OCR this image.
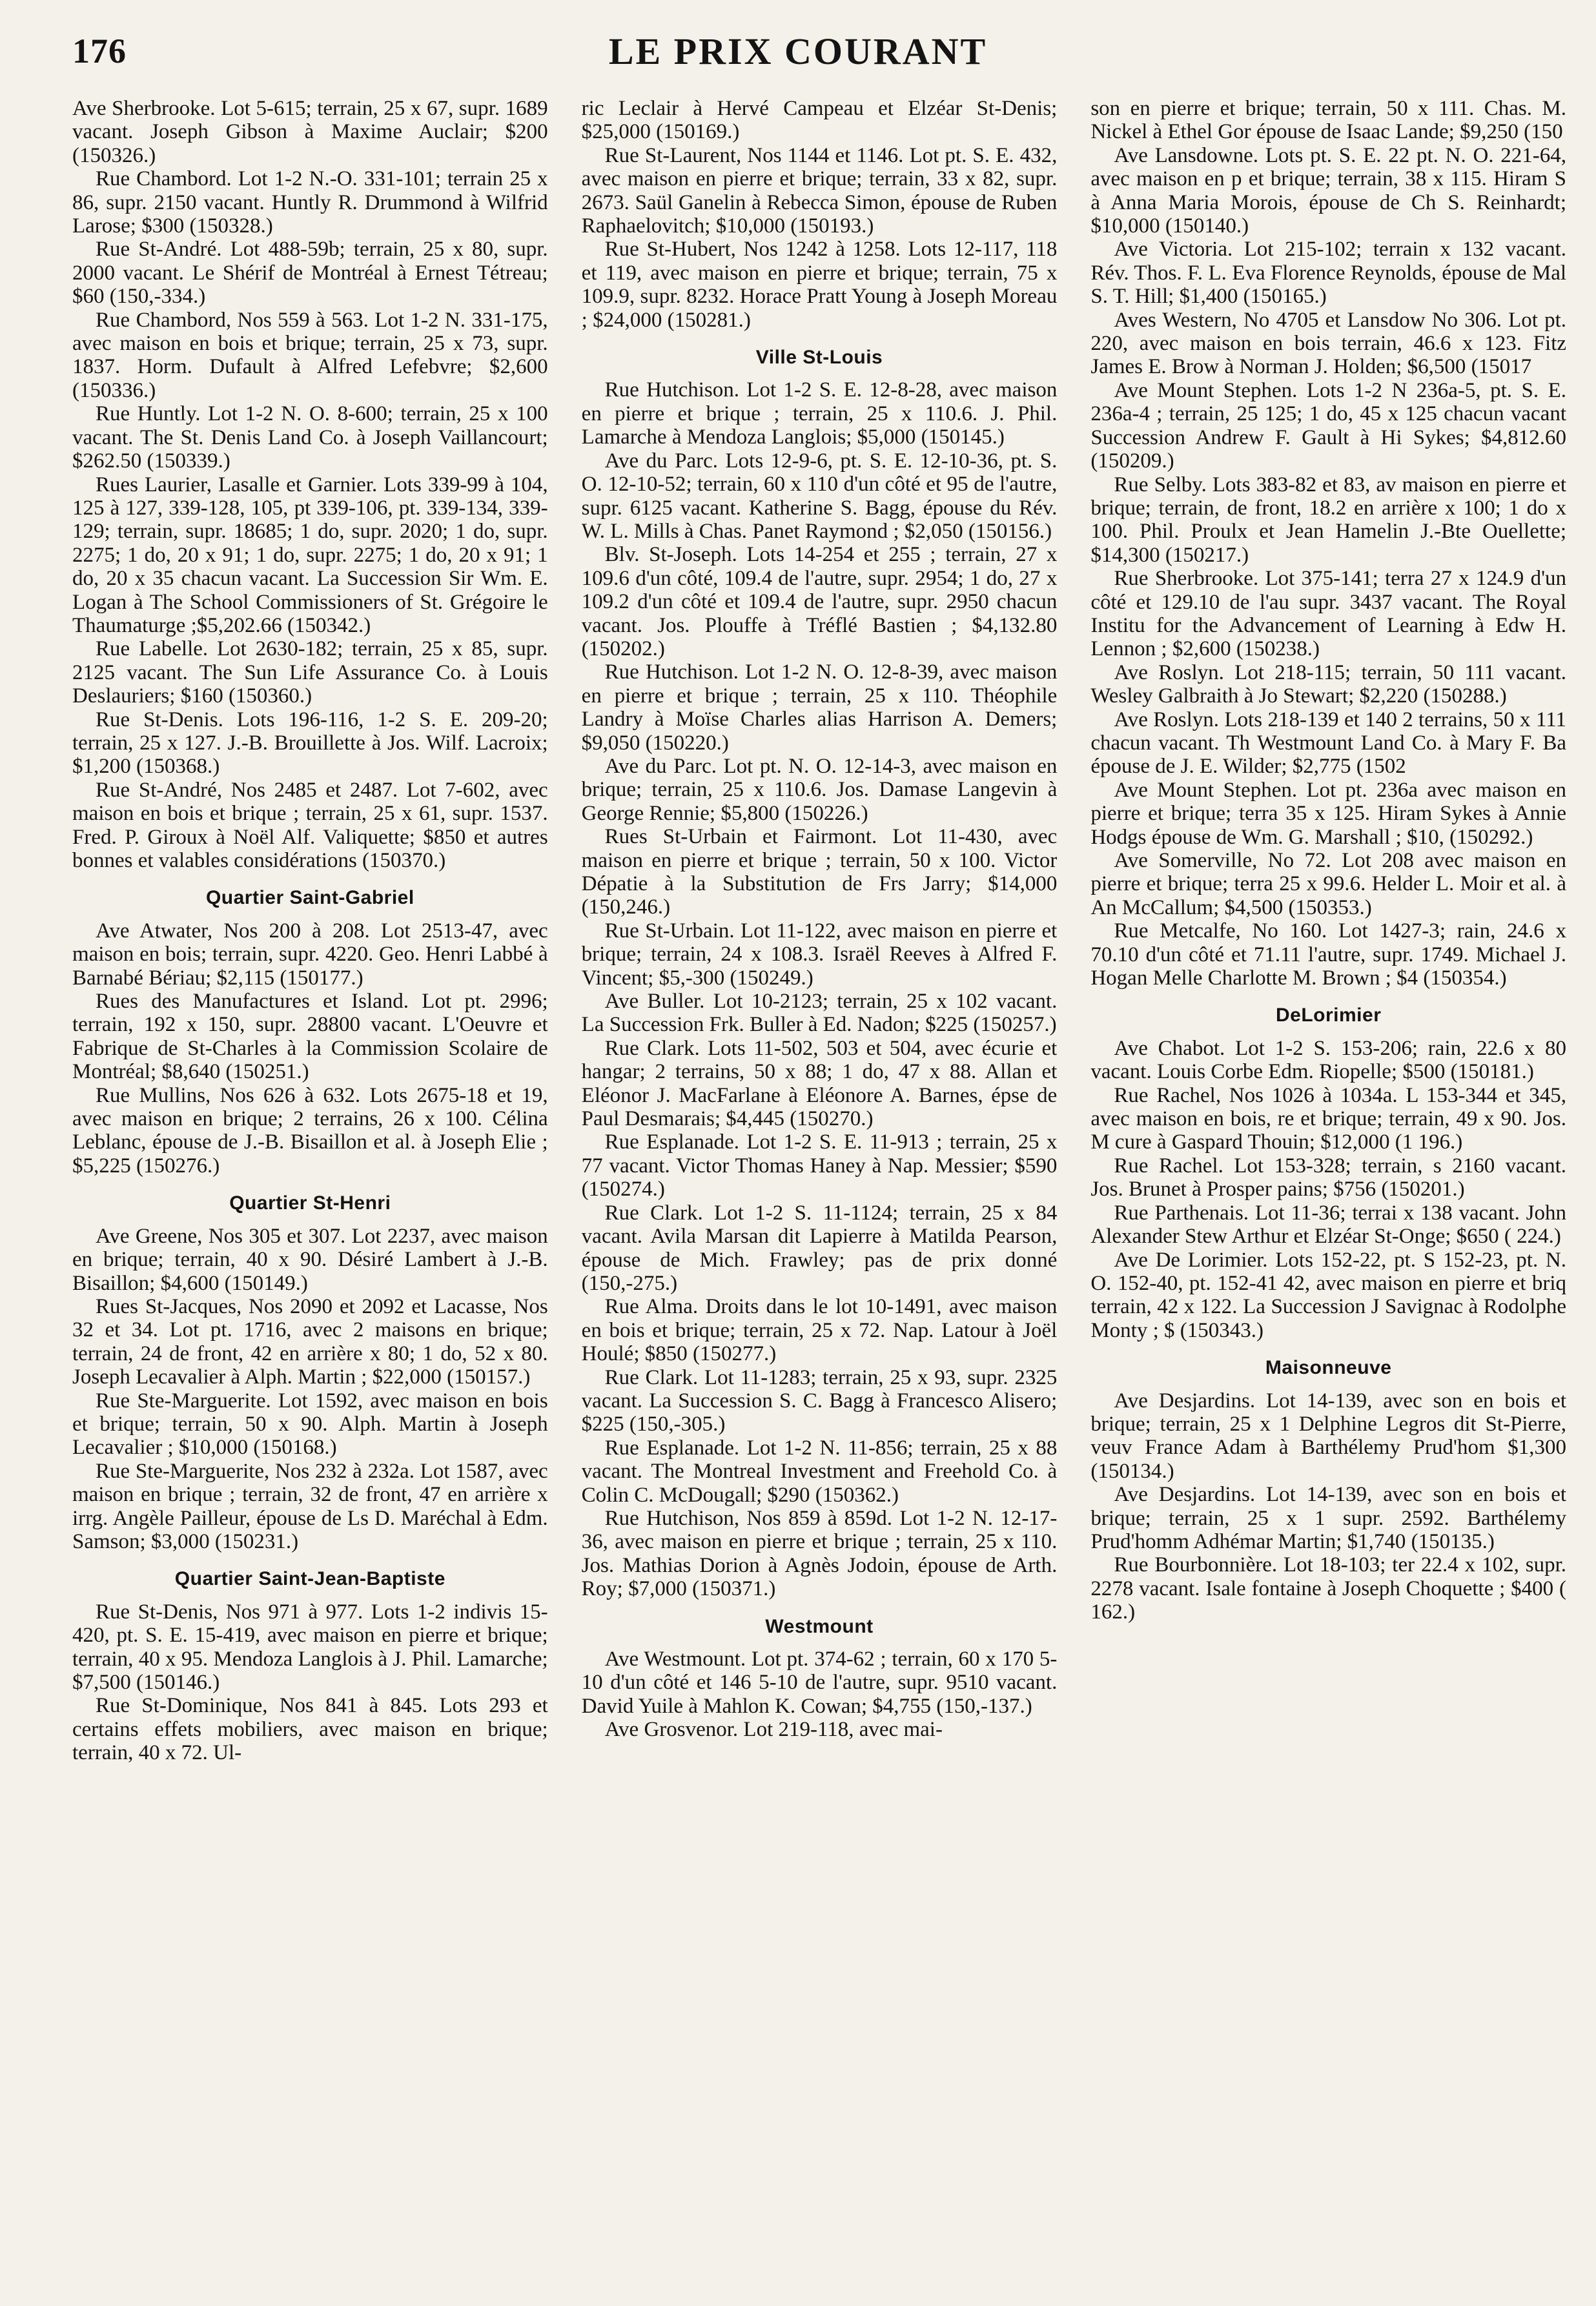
176	LE PRIX COURANT

Ave Sherbrooke. Lot 5-615; terrain, 25 x 67, supr. 1689 vacant. Joseph Gibson à Maxime Auclair; $200 (150326.)

Rue Chambord. Lot 1-2 N.-O. 331-101; terrain 25 x 86, supr. 2150 vacant. Huntly R. Drummond à Wilfrid Larose; $300 (150328.)

Rue St-André. Lot 488-59b; terrain, 25 x 80, supr. 2000 vacant. Le Shérif de Montréal à Ernest Tétreau; $60 (150,-334.)

Rue Chambord, Nos 559 à 563. Lot 1-2 N. 331-175, avec maison en bois et brique; terrain, 25 x 73, supr. 1837. Horm. Dufault à Alfred Lefebvre; $2,600 (150336.)

Rue Huntly. Lot 1-2 N. O. 8-600; terrain, 25 x 100 vacant. The St. Denis Land Co. à Joseph Vaillancourt; $262.50 (150339.)

Rues Laurier, Lasalle et Garnier. Lots 339-99 à 104, 125 à 127, 339-128, 105, pt 339-106, pt. 339-134, 339-129; terrain, supr. 18685; 1 do, supr. 2020; 1 do, supr. 2275; 1 do, 20 x 91; 1 do, supr. 2275; 1 do, 20 x 91; 1 do, 20 x 35 chacun vacant. La Succession Sir Wm. E. Logan à The School Commissioners of St. Grégoire le Thaumaturge ;$5,202.66 (150342.)

Rue Labelle. Lot 2630-182; terrain, 25 x 85, supr. 2125 vacant. The Sun Life Assurance Co. à Louis Deslauriers; $160 (150360.)

Rue St-Denis. Lots 196-116, 1-2 S. E. 209-20; terrain, 25 x 127. J.-B. Brouillette à Jos. Wilf. Lacroix; $1,200 (150368.)

Rue St-André, Nos 2485 et 2487. Lot 7-602, avec maison en bois et brique ; terrain, 25 x 61, supr. 1537. Fred. P. Giroux à Noël Alf. Valiquette; $850 et autres bonnes et valables considérations (150370.)

Quartier Saint-Gabriel

Ave Atwater, Nos 200 à 208. Lot 2513-47, avec maison en bois; terrain, supr. 4220. Geo. Henri Labbé à Barnabé Bériau; $2,115 (150177.)

Rues des Manufactures et Island. Lot pt. 2996; terrain, 192 x 150, supr. 28800 vacant. L'Oeuvre et Fabrique de St-Charles à la Commission Scolaire de Montréal; $8,640 (150251.)

Rue Mullins, Nos 626 à 632. Lots 2675-18 et 19, avec maison en brique; 2 terrains, 26 x 100. Célina Leblanc, épouse de J.-B. Bisaillon et al. à Joseph Elie ; $5,225 (150276.)

Quartier St-Henri

Ave Greene, Nos 305 et 307. Lot 2237, avec maison en brique; terrain, 40 x 90. Désiré Lambert à J.-B. Bisaillon; $4,600 (150149.)

Rues St-Jacques, Nos 2090 et 2092 et Lacasse, Nos 32 et 34. Lot pt. 1716, avec 2 maisons en brique; terrain, 24 de front, 42 en arrière x 80; 1 do, 52 x 80. Joseph Lecavalier à Alph. Martin ; $22,000 (150157.)

Rue Ste-Marguerite. Lot 1592, avec maison en bois et brique; terrain, 50 x 90. Alph. Martin à Joseph Lecavalier ; $10,000 (150168.)

Rue Ste-Marguerite, Nos 232 à 232a. Lot 1587, avec maison en brique ; terrain, 32 de front, 47 en arrière x irrg. Angèle Pailleur, épouse de Ls D. Maréchal à Edm. Samson; $3,000 (150231.)

Quartier Saint-Jean-Baptiste

Rue St-Denis, Nos 971 à 977. Lots 1-2 indivis 15-420, pt. S. E. 15-419, avec maison en pierre et brique; terrain, 40 x 95. Mendoza Langlois à J. Phil. Lamarche; $7,500 (150146.)

Rue St-Dominique, Nos 841 à 845. Lots 293 et certains effets mobiliers, avec maison en brique; terrain, 40 x 72. Ul-

ric Leclair à Hervé Campeau et Elzéar St-Denis; $25,000 (150169.)

Rue St-Laurent, Nos 1144 et 1146. Lot pt. S. E. 432, avec maison en pierre et brique; terrain, 33 x 82, supr. 2673. Saül Ganelin à Rebecca Simon, épouse de Ruben Raphaelovitch; $10,000 (150193.)

Rue St-Hubert, Nos 1242 à 1258. Lots 12-117, 118 et 119, avec maison en pierre et brique; terrain, 75 x 109.9, supr. 8232. Horace Pratt Young à Joseph Moreau ; $24,000 (150281.)

Ville St-Louis

Rue Hutchison. Lot 1-2 S. E. 12-8-28, avec maison en pierre et brique ; terrain, 25 x 110.6. J. Phil. Lamarche à Mendoza Langlois; $5,000 (150145.)

Ave du Parc. Lots 12-9-6, pt. S. E. 12-10-36, pt. S. O. 12-10-52; terrain, 60 x 110 d'un côté et 95 de l'autre, supr. 6125 vacant. Katherine S. Bagg, épouse du Rév. W. L. Mills à Chas. Panet Raymond ; $2,050 (150156.)

Blv. St-Joseph. Lots 14-254 et 255 ; terrain, 27 x 109.6 d'un côté, 109.4 de l'autre, supr. 2954; 1 do, 27 x 109.2 d'un côté et 109.4 de l'autre, supr. 2950 chacun vacant. Jos. Plouffe à Tréflé Bastien ; $4,132.80 (150202.)

Rue Hutchison. Lot 1-2 N. O. 12-8-39, avec maison en pierre et brique ; terrain, 25 x 110. Théophile Landry à Moïse Charles alias Harrison A. Demers; $9,050 (150220.)

Ave du Parc. Lot pt. N. O. 12-14-3, avec maison en brique; terrain, 25 x 110.6. Jos. Damase Langevin à George Rennie; $5,800 (150226.)

Rues St-Urbain et Fairmont. Lot 11-430, avec maison en pierre et brique ; terrain, 50 x 100. Victor Dépatie à la Substitution de Frs Jarry; $14,000 (150,246.)

Rue St-Urbain. Lot 11-122, avec maison en pierre et brique; terrain, 24 x 108.3. Israël Reeves à Alfred F. Vincent; $5,-300 (150249.)

Ave Buller. Lot 10-2123; terrain, 25 x 102 vacant. La Succession Frk. Buller à Ed. Nadon; $225 (150257.)

Rue Clark. Lots 11-502, 503 et 504, avec écurie et hangar; 2 terrains, 50 x 88; 1 do, 47 x 88. Allan et Eléonor J. MacFarlane à Eléonore A. Barnes, épse de Paul Desmarais; $4,445 (150270.)

Rue Esplanade. Lot 1-2 S. E. 11-913 ; terrain, 25 x 77 vacant. Victor Thomas Haney à Nap. Messier; $590 (150274.)

Rue Clark. Lot 1-2 S. 11-1124; terrain, 25 x 84 vacant. Avila Marsan dit Lapierre à Matilda Pearson, épouse de Mich. Frawley; pas de prix donné (150,-275.)

Rue Alma. Droits dans le lot 10-1491, avec maison en bois et brique; terrain, 25 x 72. Nap. Latour à Joël Houlé; $850 (150277.)

Rue Clark. Lot 11-1283; terrain, 25 x 93, supr. 2325 vacant. La Succession S. C. Bagg à Francesco Alisero; $225 (150,-305.)

Rue Esplanade. Lot 1-2 N. 11-856; terrain, 25 x 88 vacant. The Montreal Investment and Freehold Co. à Colin C. McDougall; $290 (150362.)

Rue Hutchison, Nos 859 à 859d. Lot 1-2 N. 12-17-36, avec maison en pierre et brique ; terrain, 25 x 110. Jos. Mathias Dorion à Agnès Jodoin, épouse de Arth. Roy; $7,000 (150371.)

Westmount

Ave Westmount. Lot pt. 374-62 ; terrain, 60 x 170 5-10 d'un côté et 146 5-10 de l'autre, supr. 9510 vacant. David Yuile à Mahlon K. Cowan; $4,755 (150,-137.)

Ave Grosvenor. Lot 219-118, avec mai-

son en pierre et brique; terrain, 50 x 111. Chas. M. Nickel à Ethel Gor épouse de Isaac Lande; $9,250 (150

Ave Lansdowne. Lots pt. S. E. 22 pt. N. O. 221-64, avec maison en p et brique; terrain, 38 x 115. Hiram S à Anna Maria Morois, épouse de Ch S. Reinhardt; $10,000 (150140.)

Ave Victoria. Lot 215-102; terrain x 132 vacant. Rév. Thos. F. L. Eva Florence Reynolds, épouse de Mal S. T. Hill; $1,400 (150165.)

Aves Western, No 4705 et Lansdow No 306. Lot pt. 220, avec maison en bois terrain, 46.6 x 123. Fitz James E. Brow à Norman J. Holden; $6,500 (15017

Ave Mount Stephen. Lots 1-2 N 236a-5, pt. S. E. 236a-4 ; terrain, 25 125; 1 do, 45 x 125 chacun vacant Succession Andrew F. Gault à Hi Sykes; $4,812.60 (150209.)

Rue Selby. Lots 383-82 et 83, av maison en pierre et brique; terrain, de front, 18.2 en arrière x 100; 1 do x 100. Phil. Proulx et Jean Hamelin J.-Bte Ouellette; $14,300 (150217.)

Rue Sherbrooke. Lot 375-141; terra 27 x 124.9 d'un côté et 129.10 de l'au supr. 3437 vacant. The Royal Institu for the Advancement of Learning à Edw H. Lennon ; $2,600 (150238.)

Ave Roslyn. Lot 218-115; terrain, 50 111 vacant. Wesley Galbraith à Jo Stewart; $2,220 (150288.)

Ave Roslyn. Lots 218-139 et 140 2 terrains, 50 x 111 chacun vacant. Th Westmount Land Co. à Mary F. Ba épouse de J. E. Wilder; $2,775 (1502

Ave Mount Stephen. Lot pt. 236a avec maison en pierre et brique; terra 35 x 125. Hiram Sykes à Annie Hodgs épouse de Wm. G. Marshall ; $10, (150292.)

Ave Somerville, No 72. Lot 208 avec maison en pierre et brique; terra 25 x 99.6. Helder L. Moir et al. à An McCallum; $4,500 (150353.)

Rue Metcalfe, No 160. Lot 1427-3; rain, 24.6 x 70.10 d'un côté et 71.11 l'autre, supr. 1749. Michael J. Hogan Melle Charlotte M. Brown ; $4 (150354.)

DeLorimier

Ave Chabot. Lot 1-2 S. 153-206; rain, 22.6 x 80 vacant. Louis Corbe Edm. Riopelle; $500 (150181.)

Rue Rachel, Nos 1026 à 1034a. L 153-344 et 345, avec maison en bois, re et brique; terrain, 49 x 90. Jos. M cure à Gaspard Thouin; $12,000 (1 196.)

Rue Rachel. Lot 153-328; terrain, s 2160 vacant. Jos. Brunet à Prosper pains; $756 (150201.)

Rue Parthenais. Lot 11-36; terrai x 138 vacant. John Alexander Stew Arthur et Elzéar St-Onge; $650 ( 224.)

Ave De Lorimier. Lots 152-22, pt. S 152-23, pt. N. O. 152-40, pt. 152-41 42, avec maison en pierre et briq terrain, 42 x 122. La Succession J Savignac à Rodolphe Monty ; $ (150343.)

Maisonneuve

Ave Desjardins. Lot 14-139, avec son en bois et brique; terrain, 25 x 1 Delphine Legros dit St-Pierre, veuv France Adam à Barthélemy Prud'hom $1,300 (150134.)

Ave Desjardins. Lot 14-139, avec son en bois et brique; terrain, 25 x 1 supr. 2592. Barthélemy Prud'homm Adhémar Martin; $1,740 (150135.)

Rue Bourbonnière. Lot 18-103; ter 22.4 x 102, supr. 2278 vacant. Isale fontaine à Joseph Choquette ; $400 ( 162.)
